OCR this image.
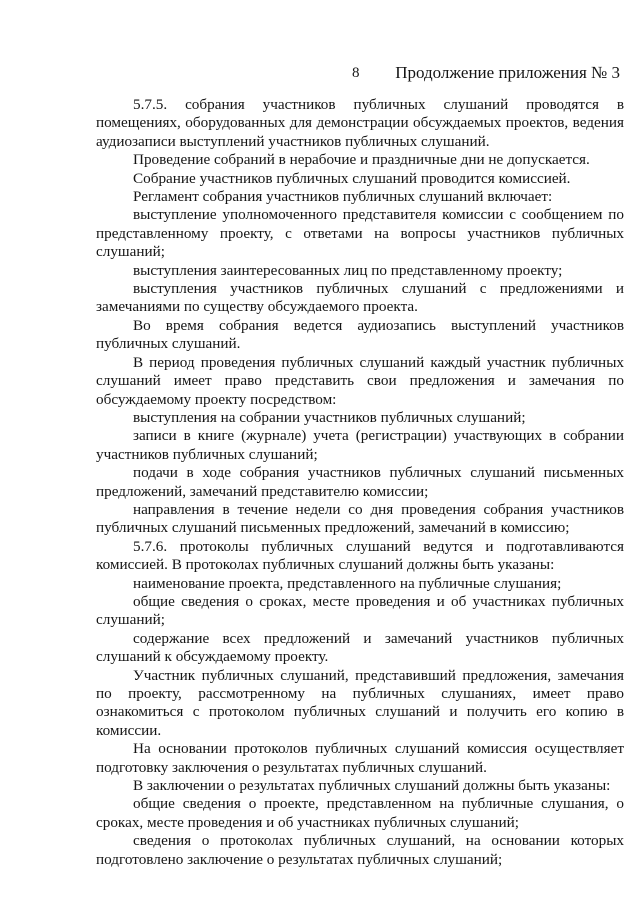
8 Продолжение приложения № 3

5.7.5. собрания участников публичных слушаний проводятся в помещениях, оборудованных для демонстрации обсуждаемых проектов, ведения аудиозаписи выступлений участников публичных слушаний.

Проведение собраний в нерабочие и праздничные дни не допускается.

Собрание участников публичных слушаний проводится комиссией.

Регламент собрания участников публичных слушаний включает:

выступление уполномоченного представителя комиссии с сообщением по представленному проекту, с ответами на вопросы участников публичных слушаний;

выступления заинтересованных лиц по представленному проекту;

выступления участников публичных слушаний с предложениями и замечаниями по существу обсуждаемого проекта.

Во время собрания ведется аудиозапись выступлений участников публичных слушаний.

В период проведения публичных слушаний каждый участник публичных слушаний имеет право представить свои предложения и замечания по обсуждаемому проекту посредством:

выступления на собрании участников публичных слушаний;

записи в книге (журнале) учета (регистрации) участвующих в собрании участников публичных слушаний;

подачи в ходе собрания участников публичных слушаний письменных предложений, замечаний представителю комиссии;

направления в течение недели со дня проведения собрания участников публичных слушаний письменных предложений, замечаний в комиссию;

5.7.6. протоколы публичных слушаний ведутся и подготавливаются комиссией. В протоколах публичных слушаний должны быть указаны:

наименование проекта, представленного на публичные слушания;

общие сведения о сроках, месте проведения и об участниках публичных слушаний;

содержание всех предложений и замечаний участников публичных слушаний к обсуждаемому проекту.

Участник публичных слушаний, представивший предложения, замечания по проекту, рассмотренному на публичных слушаниях, имеет право ознакомиться с протоколом публичных слушаний и получить его копию в комиссии.

На основании протоколов публичных слушаний комиссия осуществляет подготовку заключения о результатах публичных слушаний.

В заключении о результатах публичных слушаний должны быть указаны:

общие сведения о проекте, представленном на публичные слушания, о сроках, месте проведения и об участниках публичных слушаний;

сведения о протоколах публичных слушаний, на основании которых подготовлено заключение о результатах публичных слушаний;
